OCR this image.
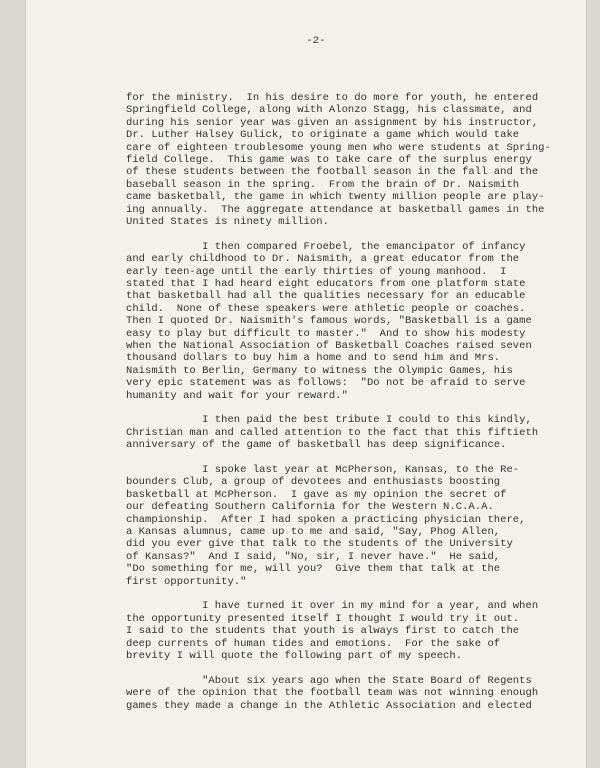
-2-
for the ministry.  In his desire to do more for youth, he entered
Springfield College, along with Alonzo Stagg, his classmate, and
during his senior year was given an assignment by his instructor,
Dr. Luther Halsey Gulick, to originate a game which would take
care of eighteen troublesome young men who were students at Spring-
field College.  This game was to take care of the surplus energy
of these students between the football season in the fall and the
baseball season in the spring.  From the brain of Dr. Naismith
came basketball, the game in which twenty million people are play-
ing annually.  The aggregate attendance at basketball games in the
United States is ninety million.
I then compared Froebel, the emancipator of infancy
and early childhood to Dr. Naismith, a great educator from the
early teen-age until the early thirties of young manhood.  I
stated that I had heard eight educators from one platform state
that basketball had all the qualities necessary for an educable
child.  None of these speakers were athletic people or coaches.
Then I quoted Dr. Naismith's famous words, "Basketball is a game
easy to play but difficult to master."  And to show his modesty
when the National Association of Basketball Coaches raised seven
thousand dollars to buy him a home and to send him and Mrs.
Naismith to Berlin, Germany to witness the Olympic Games, his
very epic statement was as follows:  "Do not be afraid to serve
humanity and wait for your reward."
I then paid the best tribute I could to this kindly,
Christian man and called attention to the fact that this fiftieth
anniversary of the game of basketball has deep significance.
I spoke last year at McPherson, Kansas, to the Re-
bounders Club, a group of devotees and enthusiasts boosting
basketball at McPherson.  I gave as my opinion the secret of
our defeating Southern California for the Western N.C.A.A.
championship.  After I had spoken a practicing physician there,
a Kansas alumnus, came up to me and said, "Say, Phog Allen,
did you ever give that talk to the students of the University
of Kansas?"  And I said, "No, sir, I never have."  He said,
"Do something for me, will you?  Give them that talk at the
first opportunity."
I have turned it over in my mind for a year, and when
the opportunity presented itself I thought I would try it out.
I said to the students that youth is always first to catch the
deep currents of human tides and emotions.  For the sake of
brevity I will quote the following part of my speech.
"About six years ago when the State Board of Regents
were of the opinion that the football team was not winning enough
games they made a change in the Athletic Association and elected
